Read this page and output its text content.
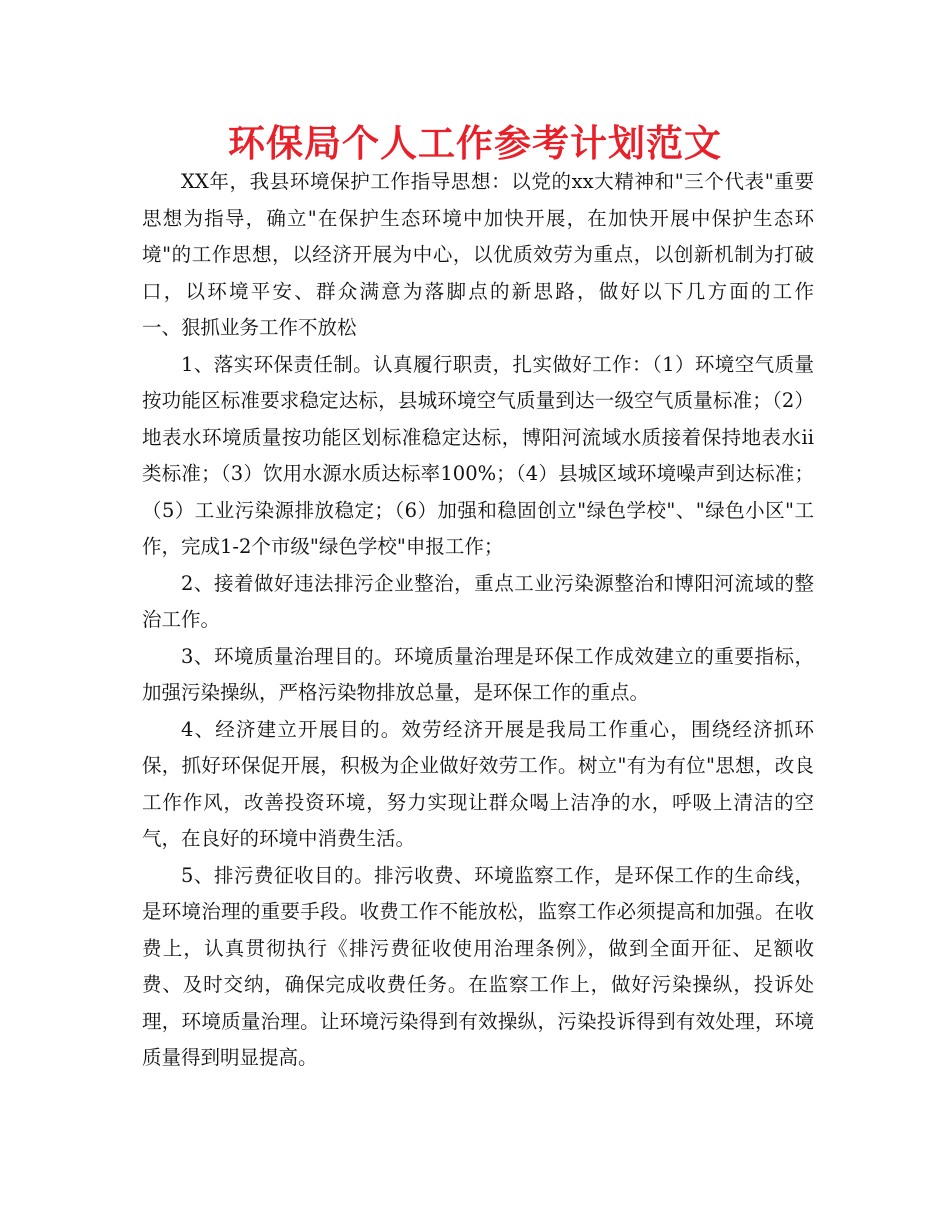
环保局个人工作参考计划范文

XX年，我县环境保护工作指导思想：以党的xx大精神和"三个代表"重要思想为指导，确立"在保护生态环境中加快开展，在加快开展中保护生态环境"的工作思想，以经济开展为中心，以优质效劳为重点，以创新机制为打破口，以环境平安、群众满意为落脚点的新思路，做好以下几方面的工作　　一、狠抓业务工作不放松

1、落实环保责任制。认真履行职责，扎实做好工作：（1）环境空气质量按功能区标准要求稳定达标，县城环境空气质量到达一级空气质量标准；（2）地表水环境质量按功能区划标准稳定达标，博阳河流域水质接着保持地表水ii类标准；（3）饮用水源水质达标率100%；（4）县城区域环境噪声到达标准；（5）工业污染源排放稳定；（6）加强和稳固创立"绿色学校"、"绿色小区"工作，完成1-2个市级"绿色学校"申报工作；

2、接着做好违法排污企业整治，重点工业污染源整治和博阳河流域的整治工作。

3、环境质量治理目的。环境质量治理是环保工作成效建立的重要指标，加强污染操纵，严格污染物排放总量，是环保工作的重点。

4、经济建立开展目的。效劳经济开展是我局工作重心，围绕经济抓环保，抓好环保促开展，积极为企业做好效劳工作。树立"有为有位"思想，改良工作作风，改善投资环境，努力实现让群众喝上洁净的水，呼吸上清洁的空气，在良好的环境中消费生活。

5、排污费征收目的。排污收费、环境监察工作，是环保工作的生命线，是环境治理的重要手段。收费工作不能放松，监察工作必须提高和加强。在收费上，认真贯彻执行《排污费征收使用治理条例》，做到全面开征、足额收费、及时交纳，确保完成收费任务。在监察工作上，做好污染操纵，投诉处理，环境质量治理。让环境污染得到有效操纵，污染投诉得到有效处理，环境质量得到明显提高。
